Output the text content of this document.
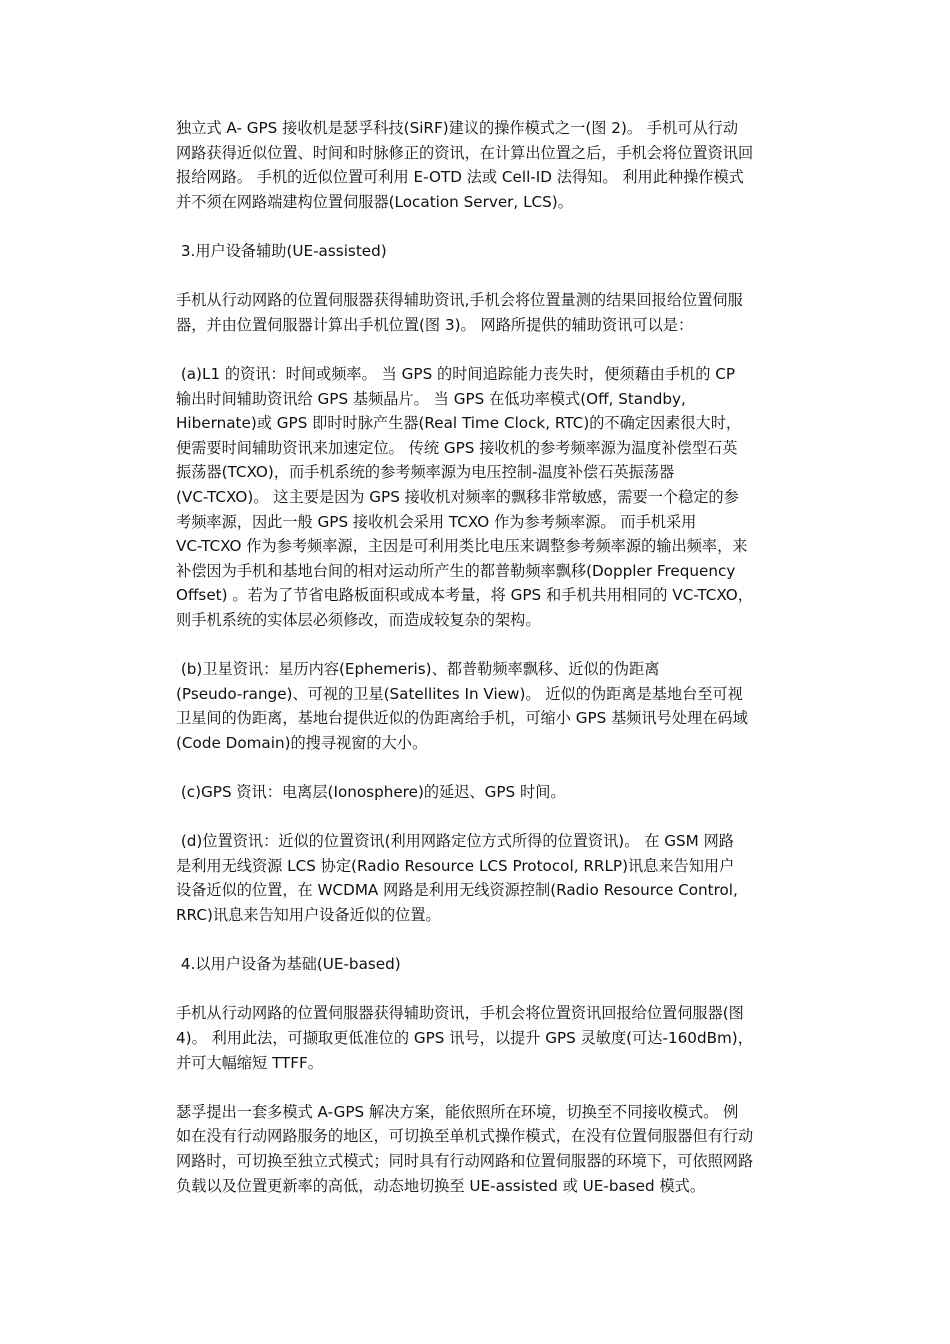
独立式 A- GPS 接收机是瑟孚科技(SiRF)建议的操作模式之一(图 2)。 手机可从行动

网路获得近似位置、时间和时脉修正的资讯，在计算出位置之后，手机会将位置资讯回

报给网路。 手机的近似位置可利用 E-OTD 法或 Cell-ID 法得知。 利用此种操作模式

并不须在网路端建构位置伺服器(Location Server, LCS)。

3.用户设备辅助(UE-assisted)

手机从行动网路的位置伺服器获得辅助资讯,手机会将位置量测的结果回报给位置伺服

器，并由位置伺服器计算出手机位置(图 3)。 网路所提供的辅助资讯可以是：

(a)L1 的资讯：时间或频率。 当 GPS 的时间追踪能力丧失时，便须藉由手机的 CP

输出时间辅助资讯给 GPS 基频晶片。 当 GPS 在低功率模式(Off, Standby,

Hibernate)或 GPS 即时时脉产生器(Real Time Clock, RTC)的不确定因素很大时，

便需要时间辅助资讯来加速定位。 传统 GPS 接收机的参考频率源为温度补偿型石英

振荡器(TCXO)，而手机系统的参考频率源为电压控制-温度补偿石英振荡器

(VC-TCXO)。 这主要是因为 GPS 接收机对频率的飘移非常敏感，需要一个稳定的参

考频率源，因此一般 GPS 接收机会采用 TCXO 作为参考频率源。 而手机采用

VC-TCXO 作为参考频率源，主因是可利用类比电压来调整参考频率源的输出频率，来

补偿因为手机和基地台间的相对运动所产生的都普勒频率飘移(Doppler Frequency

Offset) 。若为了节省电路板面积或成本考量，将 GPS 和手机共用相同的 VC-TCXO，

则手机系统的实体层必须修改，而造成较复杂的架构。

(b)卫星资讯：星历内容(Ephemeris)、都普勒频率飘移、近似的伪距离

(Pseudo-range)、可视的卫星(Satellites In View)。 近似的伪距离是基地台至可视

卫星间的伪距离，基地台提供近似的伪距离给手机，可缩小 GPS 基频讯号处理在码域

(Code Domain)的搜寻视窗的大小。

(c)GPS 资讯：电离层(Ionosphere)的延迟、GPS 时间。

(d)位置资讯：近似的位置资讯(利用网路定位方式所得的位置资讯)。 在 GSM 网路

是利用无线资源 LCS 协定(Radio Resource LCS Protocol, RRLP)讯息来告知用户

设备近似的位置，在 WCDMA 网路是利用无线资源控制(Radio Resource Control,

RRC)讯息来告知用户设备近似的位置。

4.以用户设备为基础(UE-based)

手机从行动网路的位置伺服器获得辅助资讯，手机会将位置资讯回报给位置伺服器(图

4)。 利用此法，可撷取更低准位的 GPS 讯号，以提升 GPS 灵敏度(可达-160dBm)，

并可大幅缩短 TTFF。

瑟孚提出一套多模式 A-GPS 解决方案，能依照所在环境，切换至不同接收模式。 例

如在没有行动网路服务的地区，可切换至单机式操作模式，在没有位置伺服器但有行动

网路时，可切换至独立式模式；同时具有行动网路和位置伺服器的环境下，可依照网路

负载以及位置更新率的高低，动态地切换至 UE-assisted 或 UE-based 模式。
